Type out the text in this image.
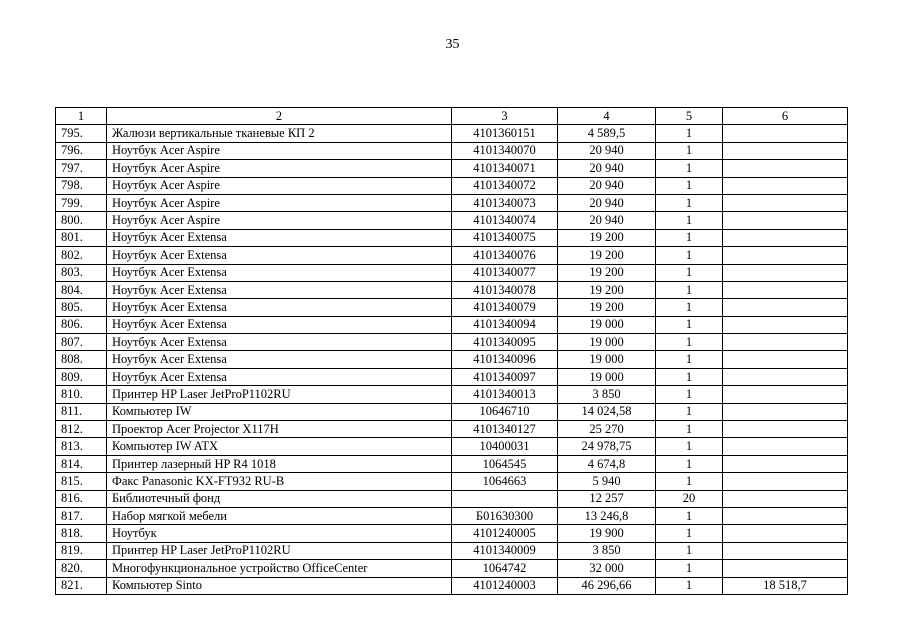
35
1	2	3	4	5	6
795.	Жалюзи вертикальные тканевые КП 2	4101360151	4 589,5	1	
796.	Ноутбук Acer Aspire	4101340070	20 940	1	
797.	Ноутбук Acer Aspire	4101340071	20 940	1	
798.	Ноутбук Acer Aspire	4101340072	20 940	1	
799.	Ноутбук Acer Aspire	4101340073	20 940	1	
800.	Ноутбук Acer Aspire	4101340074	20 940	1	
801.	Ноутбук Acer Extensa	4101340075	19 200	1	
802.	Ноутбук Acer Extensa	4101340076	19 200	1	
803.	Ноутбук Acer Extensa	4101340077	19 200	1	
804.	Ноутбук Acer Extensa	4101340078	19 200	1	
805.	Ноутбук Acer Extensa	4101340079	19 200	1	
806.	Ноутбук Acer Extensa	4101340094	19 000	1	
807.	Ноутбук Acer Extensa	4101340095	19 000	1	
808.	Ноутбук Acer Extensa	4101340096	19 000	1	
809.	Ноутбук Acer Extensa	4101340097	19 000	1	
810.	Принтер HP Laser JetProP1102RU	4101340013	3 850	1	
811.	Компьютер IW	10646710	14 024,58	1	
812.	Проектор Acer Projector X117H	4101340127	25 270	1	
813.	Компьютер IW ATX	10400031	24 978,75	1	
814.	Принтер лазерный HP R4 1018	1064545	4 674,8	1	
815.	Факс Panasonic KX-FT932 RU-B	1064663	5 940	1	
816.	Библиотечный фонд		12 257	20	
817.	Набор мягкой мебели	Б01630300	13 246,8	1	
818.	Ноутбук	4101240005	19 900	1	
819.	Принтер HP Laser JetProP1102RU	4101340009	3 850	1	
820.	Многофункциональное устройство OfficeCenter	1064742	32 000	1	
821.	Компьютер Sinto	4101240003	46 296,66	1	18 518,7
